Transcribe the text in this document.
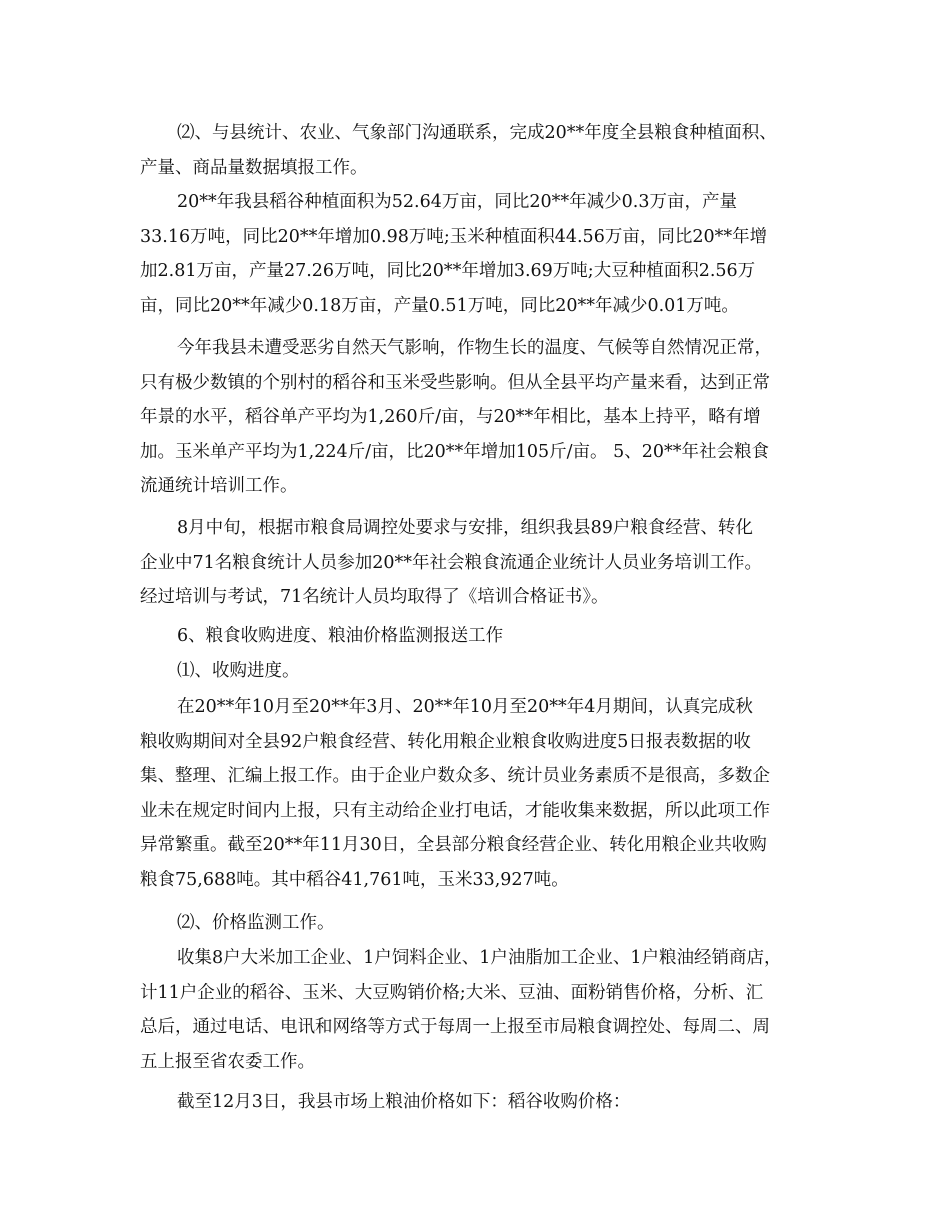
⑵、与县统计、农业、气象部门沟通联系，完成20**年度全县粮食种植面积、
产量、商品量数据填报工作。

20**年我县稻谷种植面积为52.64万亩，同比20**年减少0.3万亩，产量
33.16万吨，同比20**年增加0.98万吨;玉米种植面积44.56万亩，同比20**年增
加2.81万亩，产量27.26万吨，同比20**年增加3.69万吨;大豆种植面积2.56万
亩，同比20**年减少0.18万亩，产量0.51万吨，同比20**年减少0.01万吨。

今年我县未遭受恶劣自然天气影响，作物生长的温度、气候等自然情况正常，
只有极少数镇的个别村的稻谷和玉米受些影响。但从全县平均产量来看，达到正常
年景的水平，稻谷单产平均为1,260斤/亩，与20**年相比，基本上持平，略有增
加。玉米单产平均为1,224斤/亩，比20**年增加105斤/亩。 5、20**年社会粮食
流通统计培训工作。

8月中旬，根据市粮食局调控处要求与安排，组织我县89户粮食经营、转化
企业中71名粮食统计人员参加20**年社会粮食流通企业统计人员业务培训工作。
经过培训与考试，71名统计人员均取得了《培训合格证书》。

6、粮食收购进度、粮油价格监测报送工作

⑴、收购进度。

在20**年10月至20**年3月、20**年10月至20**年4月期间，认真完成秋
粮收购期间对全县92户粮食经营、转化用粮企业粮食收购进度5日报表数据的收
集、整理、汇编上报工作。由于企业户数众多、统计员业务素质不是很高，多数企
业未在规定时间内上报，只有主动给企业打电话，才能收集来数据，所以此项工作
异常繁重。截至20**年11月30日，全县部分粮食经营企业、转化用粮企业共收购
粮食75,688吨。其中稻谷41,761吨，玉米33,927吨。

⑵、价格监测工作。

收集8户大米加工企业、1户饲料企业、1户油脂加工企业、1户粮油经销商店，
计11户企业的稻谷、玉米、大豆购销价格;大米、豆油、面粉销售价格，分析、汇
总后，通过电话、电讯和网络等方式于每周一上报至市局粮食调控处、每周二、周
五上报至省农委工作。

截至12月3日，我县市场上粮油价格如下：稻谷收购价格：
